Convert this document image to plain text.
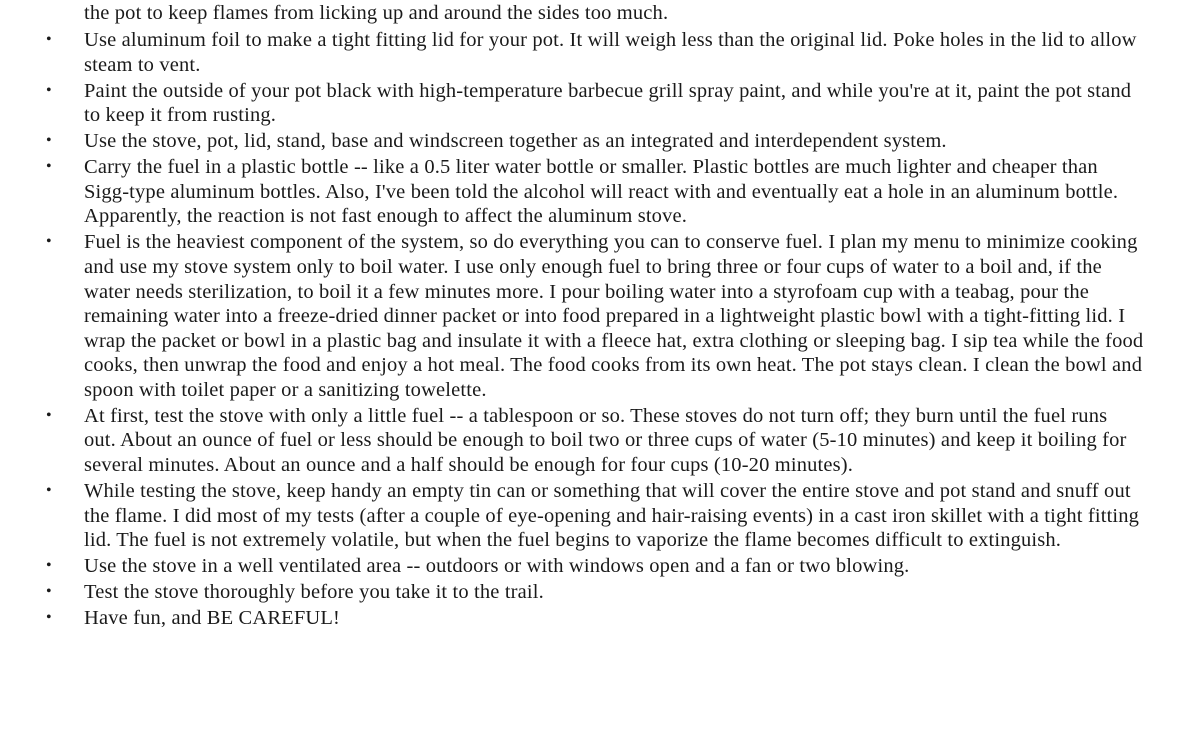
the pot to keep flames from licking up and around the sides too much.

• Use aluminum foil to make a tight fitting lid for your pot. It will weigh less than the original lid. Poke holes in the lid to allow steam to vent.
• Paint the outside of your pot black with high-temperature barbecue grill spray paint, and while you're at it, paint the pot stand to keep it from rusting.
• Use the stove, pot, lid, stand, base and windscreen together as an integrated and interdependent system.
• Carry the fuel in a plastic bottle -- like a 0.5 liter water bottle or smaller. Plastic bottles are much lighter and cheaper than Sigg-type aluminum bottles. Also, I've been told the alcohol will react with and eventually eat a hole in an aluminum bottle. Apparently, the reaction is not fast enough to affect the aluminum stove.
• Fuel is the heaviest component of the system, so do everything you can to conserve fuel. I plan my menu to minimize cooking and use my stove system only to boil water. I use only enough fuel to bring three or four cups of water to a boil and, if the water needs sterilization, to boil it a few minutes more. I pour boiling water into a styrofoam cup with a teabag, pour the remaining water into a freeze-dried dinner packet or into food prepared in a lightweight plastic bowl with a tight-fitting lid. I wrap the packet or bowl in a plastic bag and insulate it with a fleece hat, extra clothing or sleeping bag. I sip tea while the food cooks, then unwrap the food and enjoy a hot meal. The food cooks from its own heat. The pot stays clean. I clean the bowl and spoon with toilet paper or a sanitizing towelette.
• At first, test the stove with only a little fuel -- a tablespoon or so. These stoves do not turn off; they burn until the fuel runs out. About an ounce of fuel or less should be enough to boil two or three cups of water (5-10 minutes) and keep it boiling for several minutes. About an ounce and a half should be enough for four cups (10-20 minutes).
• While testing the stove, keep handy an empty tin can or something that will cover the entire stove and pot stand and snuff out the flame. I did most of my tests (after a couple of eye-opening and hair-raising events) in a cast iron skillet with a tight fitting lid. The fuel is not extremely volatile, but when the fuel begins to vaporize the flame becomes difficult to extinguish.
• Use the stove in a well ventilated area -- outdoors or with windows open and a fan or two blowing.
• Test the stove thoroughly before you take it to the trail.
• Have fun, and BE CAREFUL!
